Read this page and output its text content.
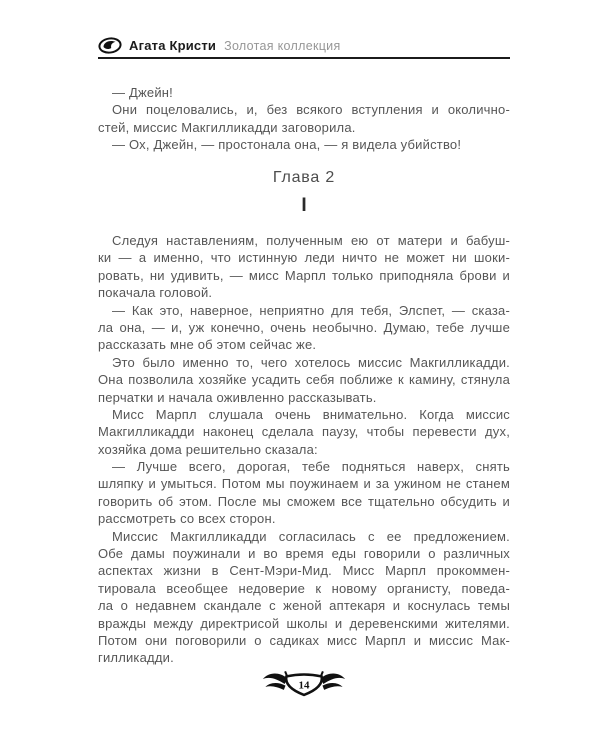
Агата Кристи Золотая коллекция
— Джейн!
Они поцеловались, и, без всякого вступления и околично-
стей, миссис Макгилликадди заговорила.
— Ох, Джейн, — простонала она, — я видела убийство!
Глава 2
I
Следуя наставлениям, полученным ею от матери и бабуш-
ки — а именно, что истинную леди ничто не может ни шоки-
ровать, ни удивить, — мисс Марпл только приподняла брови и
покачала головой.
— Как это, наверное, неприятно для тебя, Элспет, — сказа-
ла она, — и, уж конечно, очень необычно. Думаю, тебе лучше
рассказать мне об этом сейчас же.
Это было именно то, чего хотелось миссис Макгилликадди.
Она позволила хозяйке усадить себя поближе к камину, стянула
перчатки и начала оживленно рассказывать.
Мисс Марпл слушала очень внимательно. Когда миссис
Макгилликадди наконец сделала паузу, чтобы перевести дух,
хозяйка дома решительно сказала:
— Лучше всего, дорогая, тебе подняться наверх, снять
шляпку и умыться. Потом мы поужинаем и за ужином не станем
говорить об этом. После мы сможем все тщательно обсудить и
рассмотреть со всех сторон.
Миссис Макгилликадди согласилась с ее предложением.
Обе дамы поужинали и во время еды говорили о различных
аспектах жизни в Сент-Мэри-Мид. Мисс Марпл прокоммен-
тировала всеобщее недоверие к новому органисту, поведа-
ла о недавнем скандале с женой аптекаря и коснулась темы
вражды между директрисой школы и деревенскими жителями.
Потом они поговорили о садиках мисс Марпл и миссис Мак-
гилликадди.
14
